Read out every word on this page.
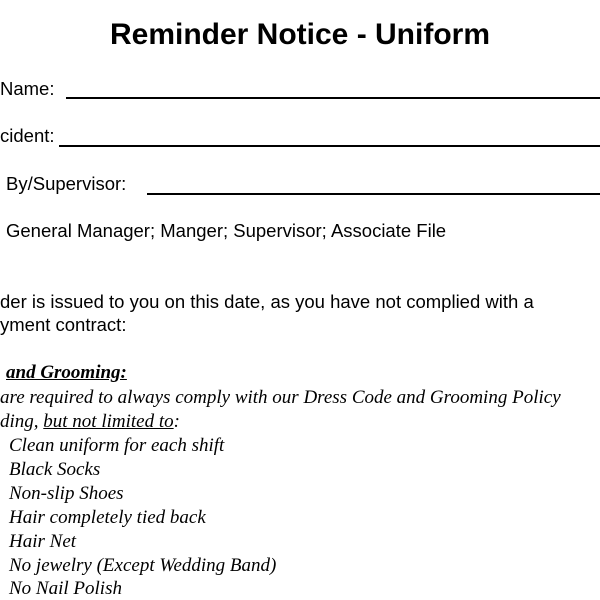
Reminder Notice - Uniform
Name:
cident:
By/Supervisor:
General Manager; Manger; Supervisor; Associate File
der is issued to you on this date, as you have not complied with a
yment contract:
and Grooming:
are required to always comply with our Dress Code and Grooming Policy
ding, but not limited to:
Clean uniform for each shift
Black Socks
Non-slip Shoes
Hair completely tied back
Hair Net
No jewelry (Except Wedding Band)
No Nail Polish
